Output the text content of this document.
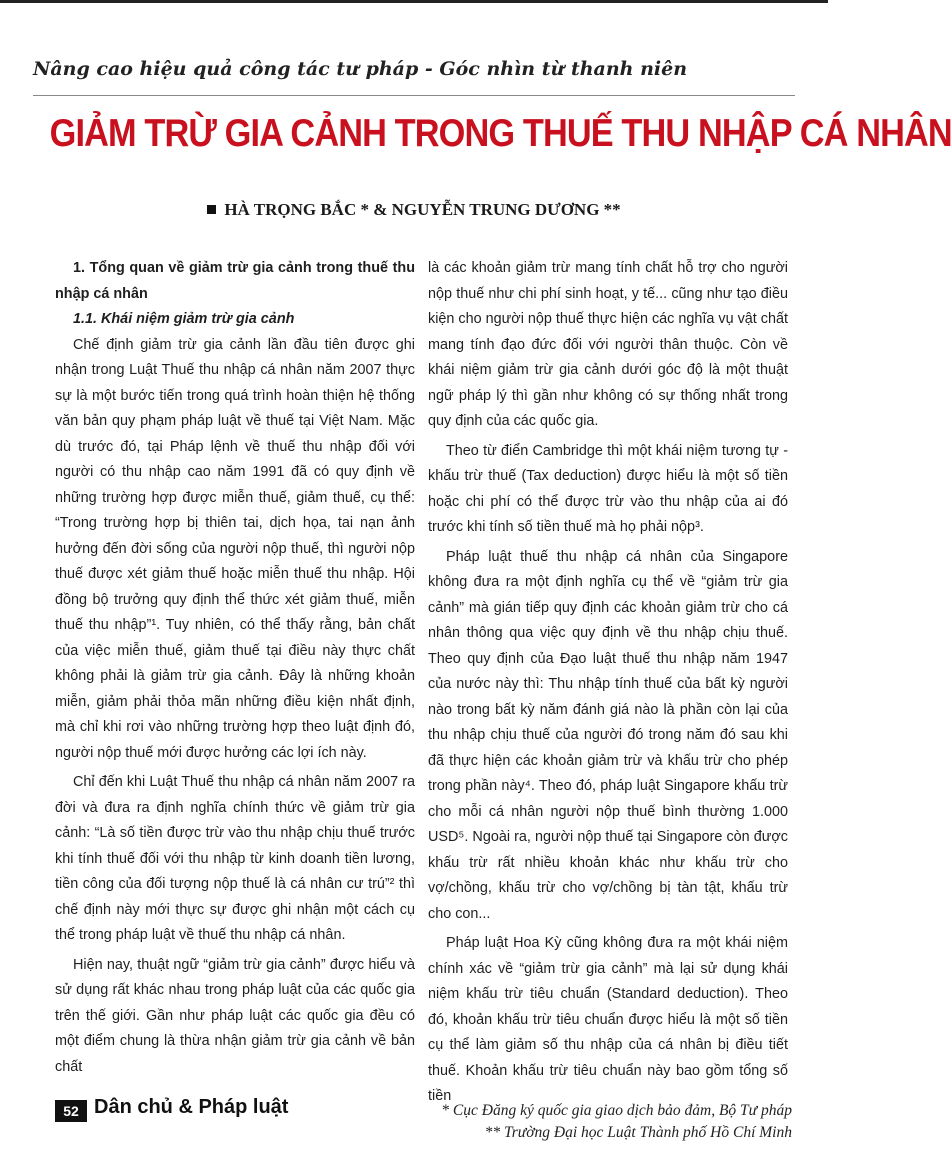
Nâng cao hiệu quả công tác tư pháp - Góc nhìn từ thanh niên
GIẢM TRỪ GIA CẢNH TRONG THUẾ THU NHẬP CÁ NHÂN
HÀ TRỌNG BẮC * & NGUYỄN TRUNG DƯƠNG **

1. Tổng quan về giảm trừ gia cảnh trong thuế thu nhập cá nhân

1.1. Khái niệm giảm trừ gia cảnh

Chế định giảm trừ gia cảnh lần đầu tiên được ghi nhận trong Luật Thuế thu nhập cá nhân năm 2007 thực sự là một bước tiến trong quá trình hoàn thiện hệ thống văn bản quy phạm pháp luật về thuế tại Việt Nam. Mặc dù trước đó, tại Pháp lệnh về thuế thu nhập đối với người có thu nhập cao năm 1991 đã có quy định về những trường hợp được miễn thuế, giảm thuế, cụ thể: “Trong trường hợp bị thiên tai, dịch họa, tai nạn ảnh hưởng đến đời sống của người nộp thuế, thì người nộp thuế được xét giảm thuế hoặc miễn thuế thu nhập. Hội đồng bộ trưởng quy định thể thức xét giảm thuế, miễn thuế thu nhập”¹. Tuy nhiên, có thể thấy rằng, bản chất của việc miễn thuế, giảm thuế tại điều này thực chất không phải là giảm trừ gia cảnh. Đây là những khoản miễn, giảm phải thỏa mãn những điều kiện nhất định, mà chỉ khi rơi vào những trường hợp theo luật định đó, người nộp thuế mới được hưởng các lợi ích này.

Chỉ đến khi Luật Thuế thu nhập cá nhân năm 2007 ra đời và đưa ra định nghĩa chính thức về giảm trừ gia cảnh: “Là số tiền được trừ vào thu nhập chịu thuế trước khi tính thuế đối với thu nhập từ kinh doanh tiền lương, tiền công của đối tượng nộp thuế là cá nhân cư trú”² thì chế định này mới thực sự được ghi nhận một cách cụ thể trong pháp luật về thuế thu nhập cá nhân.

Hiện nay, thuật ngữ “giảm trừ gia cảnh” được hiểu và sử dụng rất khác nhau trong pháp luật của các quốc gia trên thế giới. Gần như pháp luật các quốc gia đều có một điểm chung là thừa nhận giảm trừ gia cảnh về bản chất

là các khoản giảm trừ mang tính chất hỗ trợ cho người nộp thuế như chi phí sinh hoạt, y tế... cũng như tạo điều kiện cho người nộp thuế thực hiện các nghĩa vụ vật chất mang tính đạo đức đối với người thân thuộc. Còn về khái niệm giảm trừ gia cảnh dưới góc độ là một thuật ngữ pháp lý thì gần như không có sự thống nhất trong quy định của các quốc gia.

Theo từ điển Cambridge thì một khái niệm tương tự - khấu trừ thuế (Tax deduction) được hiểu là một số tiền hoặc chi phí có thể được trừ vào thu nhập của ai đó trước khi tính số tiền thuế mà họ phải nộp³.

Pháp luật thuế thu nhập cá nhân của Singapore không đưa ra một định nghĩa cụ thể về “giảm trừ gia cảnh” mà gián tiếp quy định các khoản giảm trừ cho cá nhân thông qua việc quy định về thu nhập chịu thuế. Theo quy định của Đạo luật thuế thu nhập năm 1947 của nước này thì: Thu nhập tính thuế của bất kỳ người nào trong bất kỳ năm đánh giá nào là phần còn lại của thu nhập chịu thuế của người đó trong năm đó sau khi đã thực hiện các khoản giảm trừ và khấu trừ cho phép trong phần này⁴. Theo đó, pháp luật Singapore khấu trừ cho mỗi cá nhân người nộp thuế bình thường 1.000 USD⁵. Ngoài ra, người nộp thuế tại Singapore còn được khấu trừ rất nhiều khoản khác như khấu trừ cho vợ/chồng, khấu trừ cho vợ/chồng bị tàn tật, khấu trừ cho con...

Pháp luật Hoa Kỳ cũng không đưa ra một khái niệm chính xác về “giảm trừ gia cảnh” mà lại sử dụng khái niệm khấu trừ tiêu chuẩn (Standard deduction). Theo đó, khoản khấu trừ tiêu chuẩn được hiểu là một số tiền cụ thể làm giảm số thu nhập của cá nhân bị điều tiết thuế. Khoản khấu trừ tiêu chuẩn này bao gồm tổng số tiền

52 Dân chủ & Pháp luật	* Cục Đăng ký quốc gia giao dịch bảo đảm, Bộ Tư pháp
** Trường Đại học Luật Thành phố Hồ Chí Minh
